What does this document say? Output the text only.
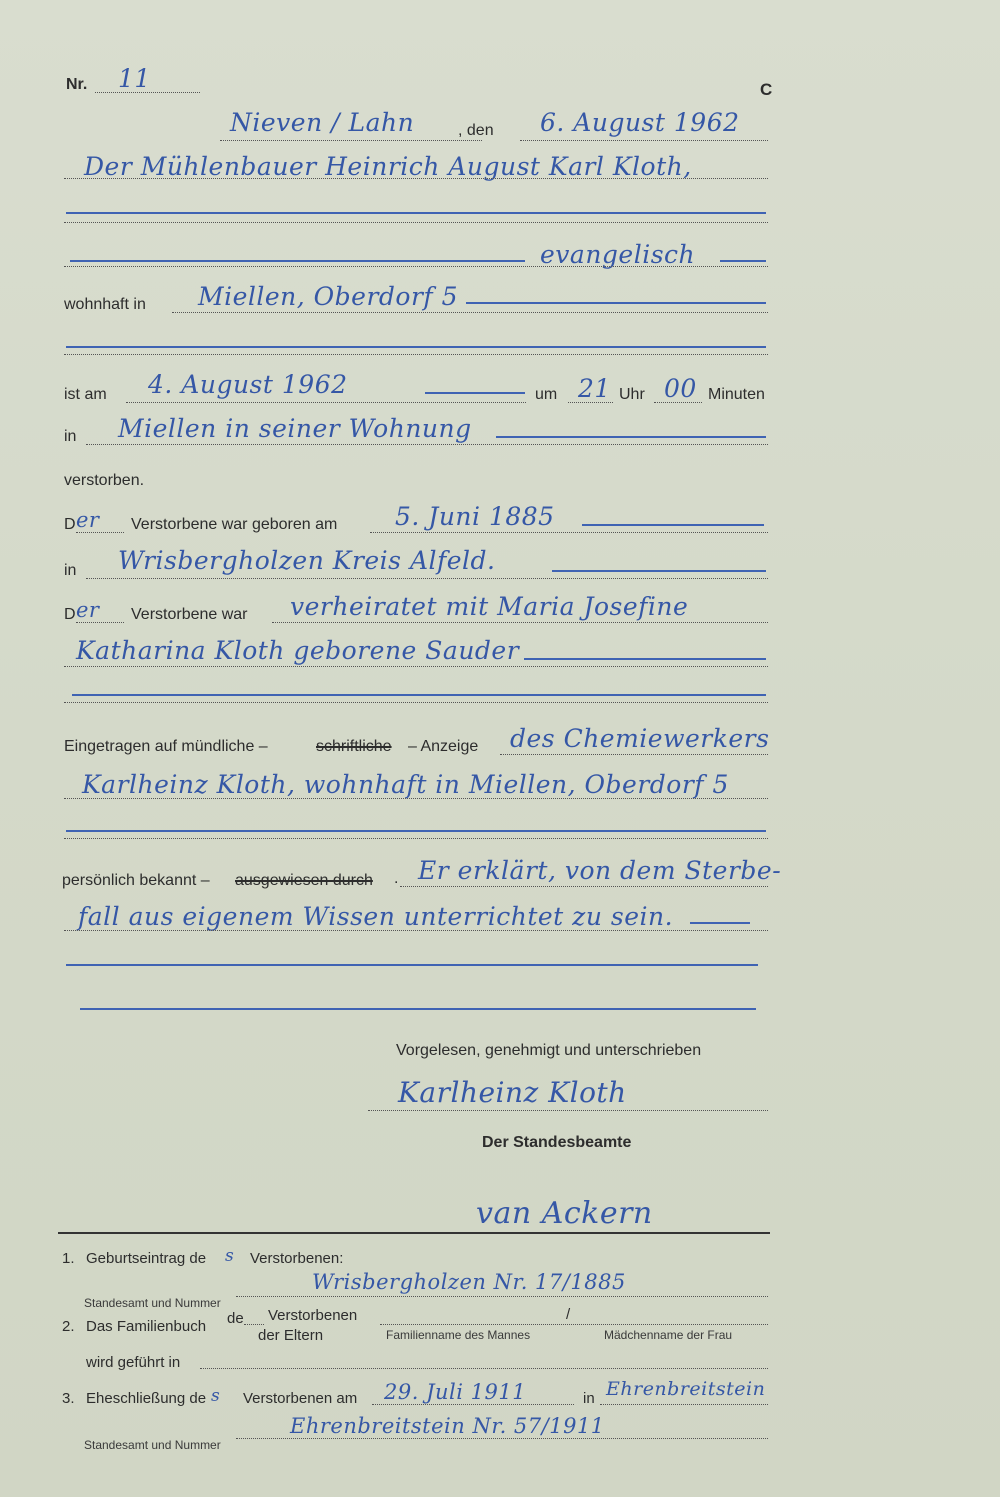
Nr. 11	C
Nieven / Lahn	, den 6. August 1962
Der Mühlenbauer Heinrich August Karl Kloth,
evangelisch
wohnhaft in Miellen, Oberdorf 5
ist am 4. August 1962	um 21 Uhr 00 Minuten
in Miellen in seiner Wohnung
verstorben.
D er Verstorbene war geboren am 5. Juni 1885
in Wrisbergholzen Kreis Alfeld.
D er Verstorbene war verheiratet mit Maria Josefine
Katharina Kloth geborene Sauder
Eingetragen auf mündliche –	schriftliche – Anzeige des Chemiewerkers
Karlheinz Kloth, wohnhaft in Miellen, Oberdorf 5
persönlich bekannt – ausgewiesen durch . Er erklärt, von dem Sterbe-
fall aus eigenem Wissen unterrichtet zu sein.
Vorgelesen, genehmigt und unterschrieben
Karlheinz Kloth
Der Standesbeamte
van Ackern
1. Geburtseintrag de s Verstorbenen:
Wrisbergholzen Nr. 17/1885
Standesamt und Nummer
2. Das Familienbuch de Verstorbenen
der Eltern
/
Familienname des Mannes	Mädchenname der Frau
wird geführt in
3. Eheschließung de s Verstorbenen am 29. Juli 1911	in Ehrenbreitstein
Ehrenbreitstein Nr. 57/1911
Standesamt und Nummer
